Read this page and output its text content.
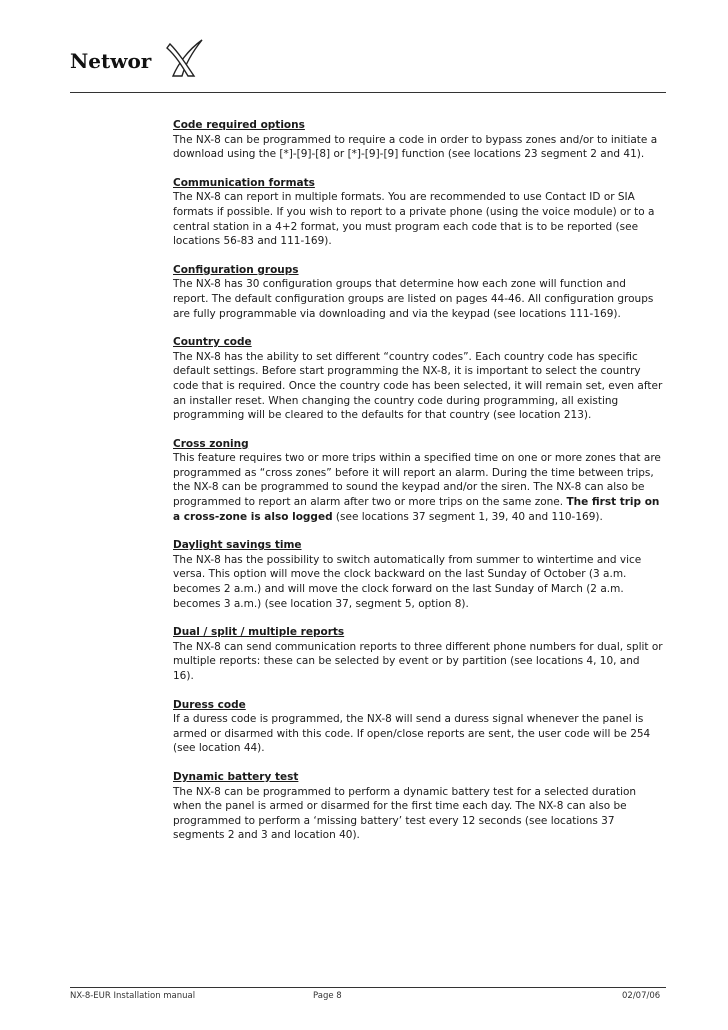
Networ
Code required options
The NX-8 can be programmed to require a code in order to bypass zones and/or to initiate a download using the [*]-[9]-[8] or [*]-[9]-[9] function (see locations 23 segment 2 and 41).
Communication formats
The NX-8 can report in multiple formats. You are recommended to use Contact ID or SIA formats if possible. If you wish to report to a private phone (using the voice module) or to a central station in a 4+2 format, you must program each code that is to be reported (see locations 56-83 and 111-169).
Configuration groups
The NX-8 has 30 configuration groups that determine how each zone will function and report. The default configuration groups are listed on pages 44-46. All configuration groups are fully programmable via downloading and via the keypad (see locations 111-169).
Country code
The NX-8 has the ability to set different “country codes”. Each country code has specific default settings. Before start programming the NX-8, it is important to select the country code that is required. Once the country code has been selected, it will remain set, even after an installer reset. When changing the country code during programming, all existing programming will be cleared to the defaults for that country (see location 213).
Cross zoning
This feature requires two or more trips within a specified time on one or more zones that are programmed as “cross zones” before it will report an alarm. During the time between trips, the NX-8 can be programmed to sound the keypad and/or the siren. The NX-8 can also be programmed to report an alarm after two or more trips on the same zone. The first trip on a cross-zone is also logged (see locations 37 segment 1, 39, 40 and 110-169).
Daylight savings time
The NX-8 has the possibility to switch automatically from summer to wintertime and vice versa. This option will move the clock backward on the last Sunday of October (3 a.m. becomes 2 a.m.) and will move the clock forward on the last Sunday of March (2 a.m. becomes 3 a.m.) (see location 37, segment 5, option 8).
Dual / split / multiple reports
The NX-8 can send communication reports to three different phone numbers for dual, split or multiple reports: these can be selected by event or by partition (see locations 4, 10, and 16).
Duress code
If a duress code is programmed, the NX-8 will send a duress signal whenever the panel is armed or disarmed with this code. If open/close reports are sent, the user code will be 254 (see location 44).
Dynamic battery test
The NX-8 can be programmed to perform a dynamic battery test for a selected duration when the panel is armed or disarmed for the first time each day. The NX-8 can also be programmed to perform a ‘missing battery’ test every 12 seconds (see locations 37 segments 2 and 3 and location 40).
NX-8-EUR Installation manual	Page 8	02/07/06
